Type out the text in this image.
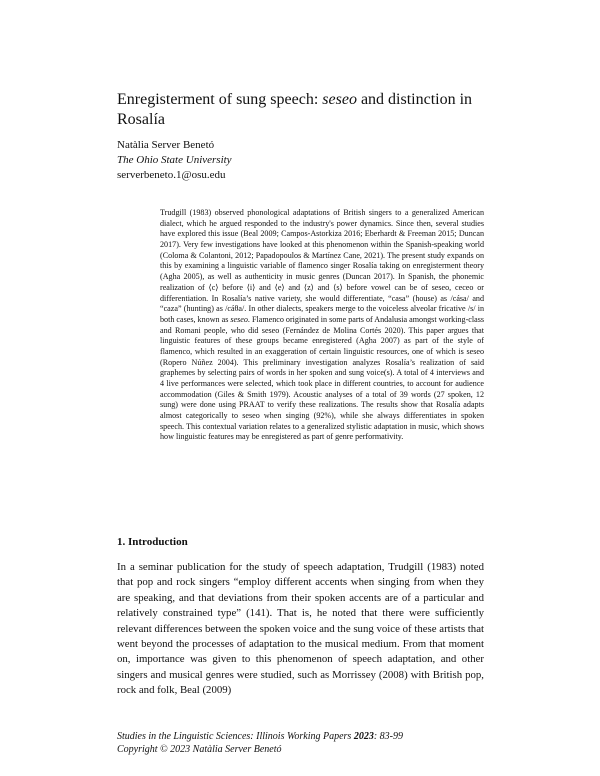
Enregisterment of sung speech: seseo and distinction in Rosalía
Natàlia Server Benetó
The Ohio State University
serverbeneto.1@osu.edu

Trudgill (1983) observed phonological adaptations of British singers to a generalized American dialect, which he argued responded to the industry's power dynamics. Since then, several studies have explored this issue (Beal 2009; Campos-Astorkiza 2016; Eberhardt & Freeman 2015; Duncan 2017). Very few investigations have looked at this phenomenon within the Spanish-speaking world (Coloma & Colantoni, 2012; Papadopoulos & Martínez Cane, 2021). The present study expands on this by examining a linguistic variable of flamenco singer Rosalía taking on enregisterment theory (Agha 2005), as well as authenticity in music genres (Duncan 2017). In Spanish, the phonemic realization of ⟨c⟩ before ⟨i⟩ and ⟨e⟩ and ⟨z⟩ and ⟨s⟩ before vowel can be of seseo, ceceo or differentiation. In Rosalía’s native variety, she would differentiate, “casa” (house) as /cása/ and “caza” (hunting) as /cáθa/. In other dialects, speakers merge to the voiceless alveolar fricative /s/ in both cases, known as seseo. Flamenco originated in some parts of Andalusia amongst working-class and Romani people, who did seseo (Fernández de Molina Cortés 2020). This paper argues that linguistic features of these groups became enregistered (Agha 2007) as part of the style of flamenco, which resulted in an exaggeration of certain linguistic resources, one of which is seseo (Ropero Núñez 2004). This preliminary investigation analyzes Rosalía’s realization of said graphemes by selecting pairs of words in her spoken and sung voice(s). A total of 4 interviews and 4 live performances were selected, which took place in different countries, to account for audience accommodation (Giles & Smith 1979). Acoustic analyses of a total of 39 words (27 spoken, 12 sung) were done using PRAAT to verify these realizations. The results show that Rosalía adapts almost categorically to seseo when singing (92%), while she always differentiates in spoken speech. This contextual variation relates to a generalized stylistic adaptation in music, which shows how linguistic features may be enregistered as part of genre performativity.

1. Introduction

In a seminar publication for the study of speech adaptation, Trudgill (1983) noted that pop and rock singers “employ different accents when singing from when they are speaking, and that deviations from their spoken accents are of a particular and relatively constrained type” (141). That is, he noted that there were sufficiently relevant differences between the spoken voice and the sung voice of these artists that went beyond the processes of adaptation to the musical medium. From that moment on, importance was given to this phenomenon of speech adaptation, and other singers and musical genres were studied, such as Morrissey (2008) with British pop, rock and folk, Beal (2009)

Studies in the Linguistic Sciences: Illinois Working Papers 2023: 83-99
Copyright © 2023 Natàlia Server Benetó
